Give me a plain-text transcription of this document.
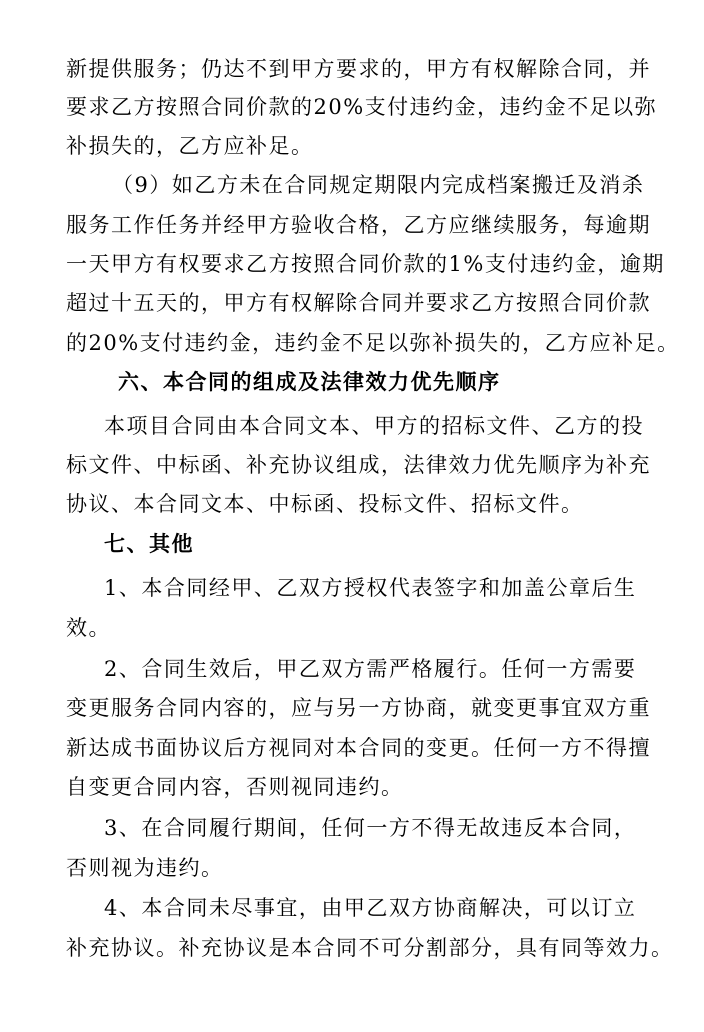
新提供服务；仍达不到甲方要求的，甲方有权解除合同，并
要求乙方按照合同价款的20%支付违约金，违约金不足以弥
补损失的，乙方应补足。
（9）如乙方未在合同规定期限内完成档案搬迁及消杀
服务工作任务并经甲方验收合格，乙方应继续服务，每逾期
一天甲方有权要求乙方按照合同价款的1%支付违约金，逾期
超过十五天的，甲方有权解除合同并要求乙方按照合同价款
的20%支付违约金，违约金不足以弥补损失的，乙方应补足。
六、本合同的组成及法律效力优先顺序
本项目合同由本合同文本、甲方的招标文件、乙方的投
标文件、中标函、补充协议组成，法律效力优先顺序为补充
协议、本合同文本、中标函、投标文件、招标文件。
七、其他
1、本合同经甲、乙双方授权代表签字和加盖公章后生
效。
2、合同生效后，甲乙双方需严格履行。任何一方需要
变更服务合同内容的，应与另一方协商，就变更事宜双方重
新达成书面协议后方视同对本合同的变更。任何一方不得擅
自变更合同内容，否则视同违约。
3、在合同履行期间，任何一方不得无故违反本合同，
否则视为违约。
4、本合同未尽事宜，由甲乙双方协商解决，可以订立
补充协议。补充协议是本合同不可分割部分，具有同等效力。
